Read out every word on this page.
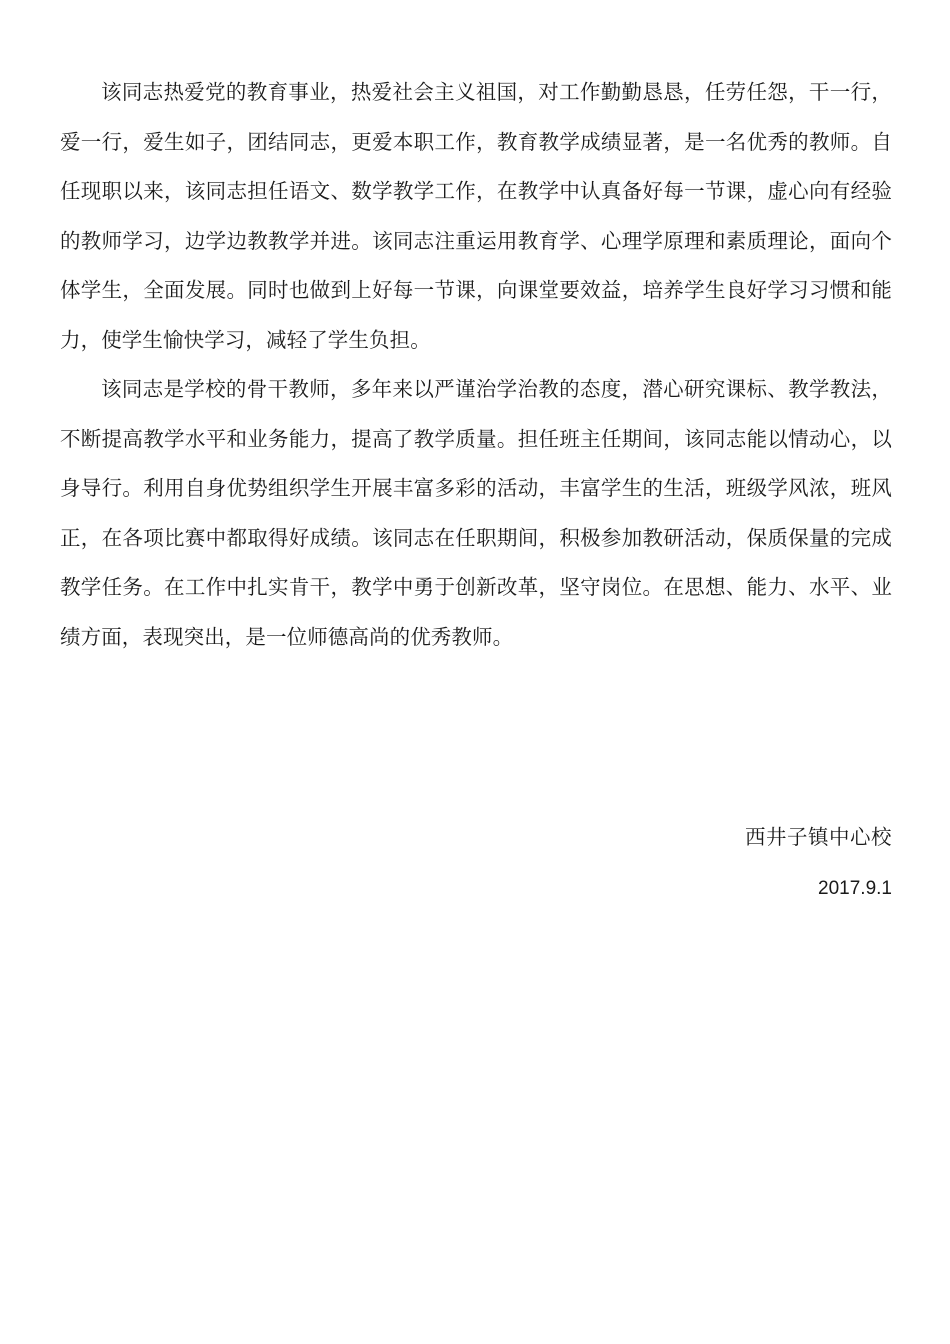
该同志热爱党的教育事业，热爱社会主义祖国，对工作勤勤恳恳，任劳任怨，干一行，爱一行，爱生如子，团结同志，更爱本职工作，教育教学成绩显著，是一名优秀的教师。自任现职以来，该同志担任语文、数学教学工作，在教学中认真备好每一节课，虚心向有经验的教师学习，边学边教教学并进。该同志注重运用教育学、心理学原理和素质理论，面向个体学生，全面发展。同时也做到上好每一节课，向课堂要效益，培养学生良好学习习惯和能力，使学生愉快学习，减轻了学生负担。

该同志是学校的骨干教师，多年来以严谨治学治教的态度，潜心研究课标、教学教法，不断提高教学水平和业务能力，提高了教学质量。担任班主任期间，该同志能以情动心，以身导行。利用自身优势组织学生开展丰富多彩的活动，丰富学生的生活，班级学风浓，班风正，在各项比赛中都取得好成绩。该同志在任职期间，积极参加教研活动，保质保量的完成教学任务。在工作中扎实肯干，教学中勇于创新改革，坚守岗位。在思想、能力、水平、业绩方面，表现突出，是一位师德高尚的优秀教师。

西井子镇中心校
2017.9.1
